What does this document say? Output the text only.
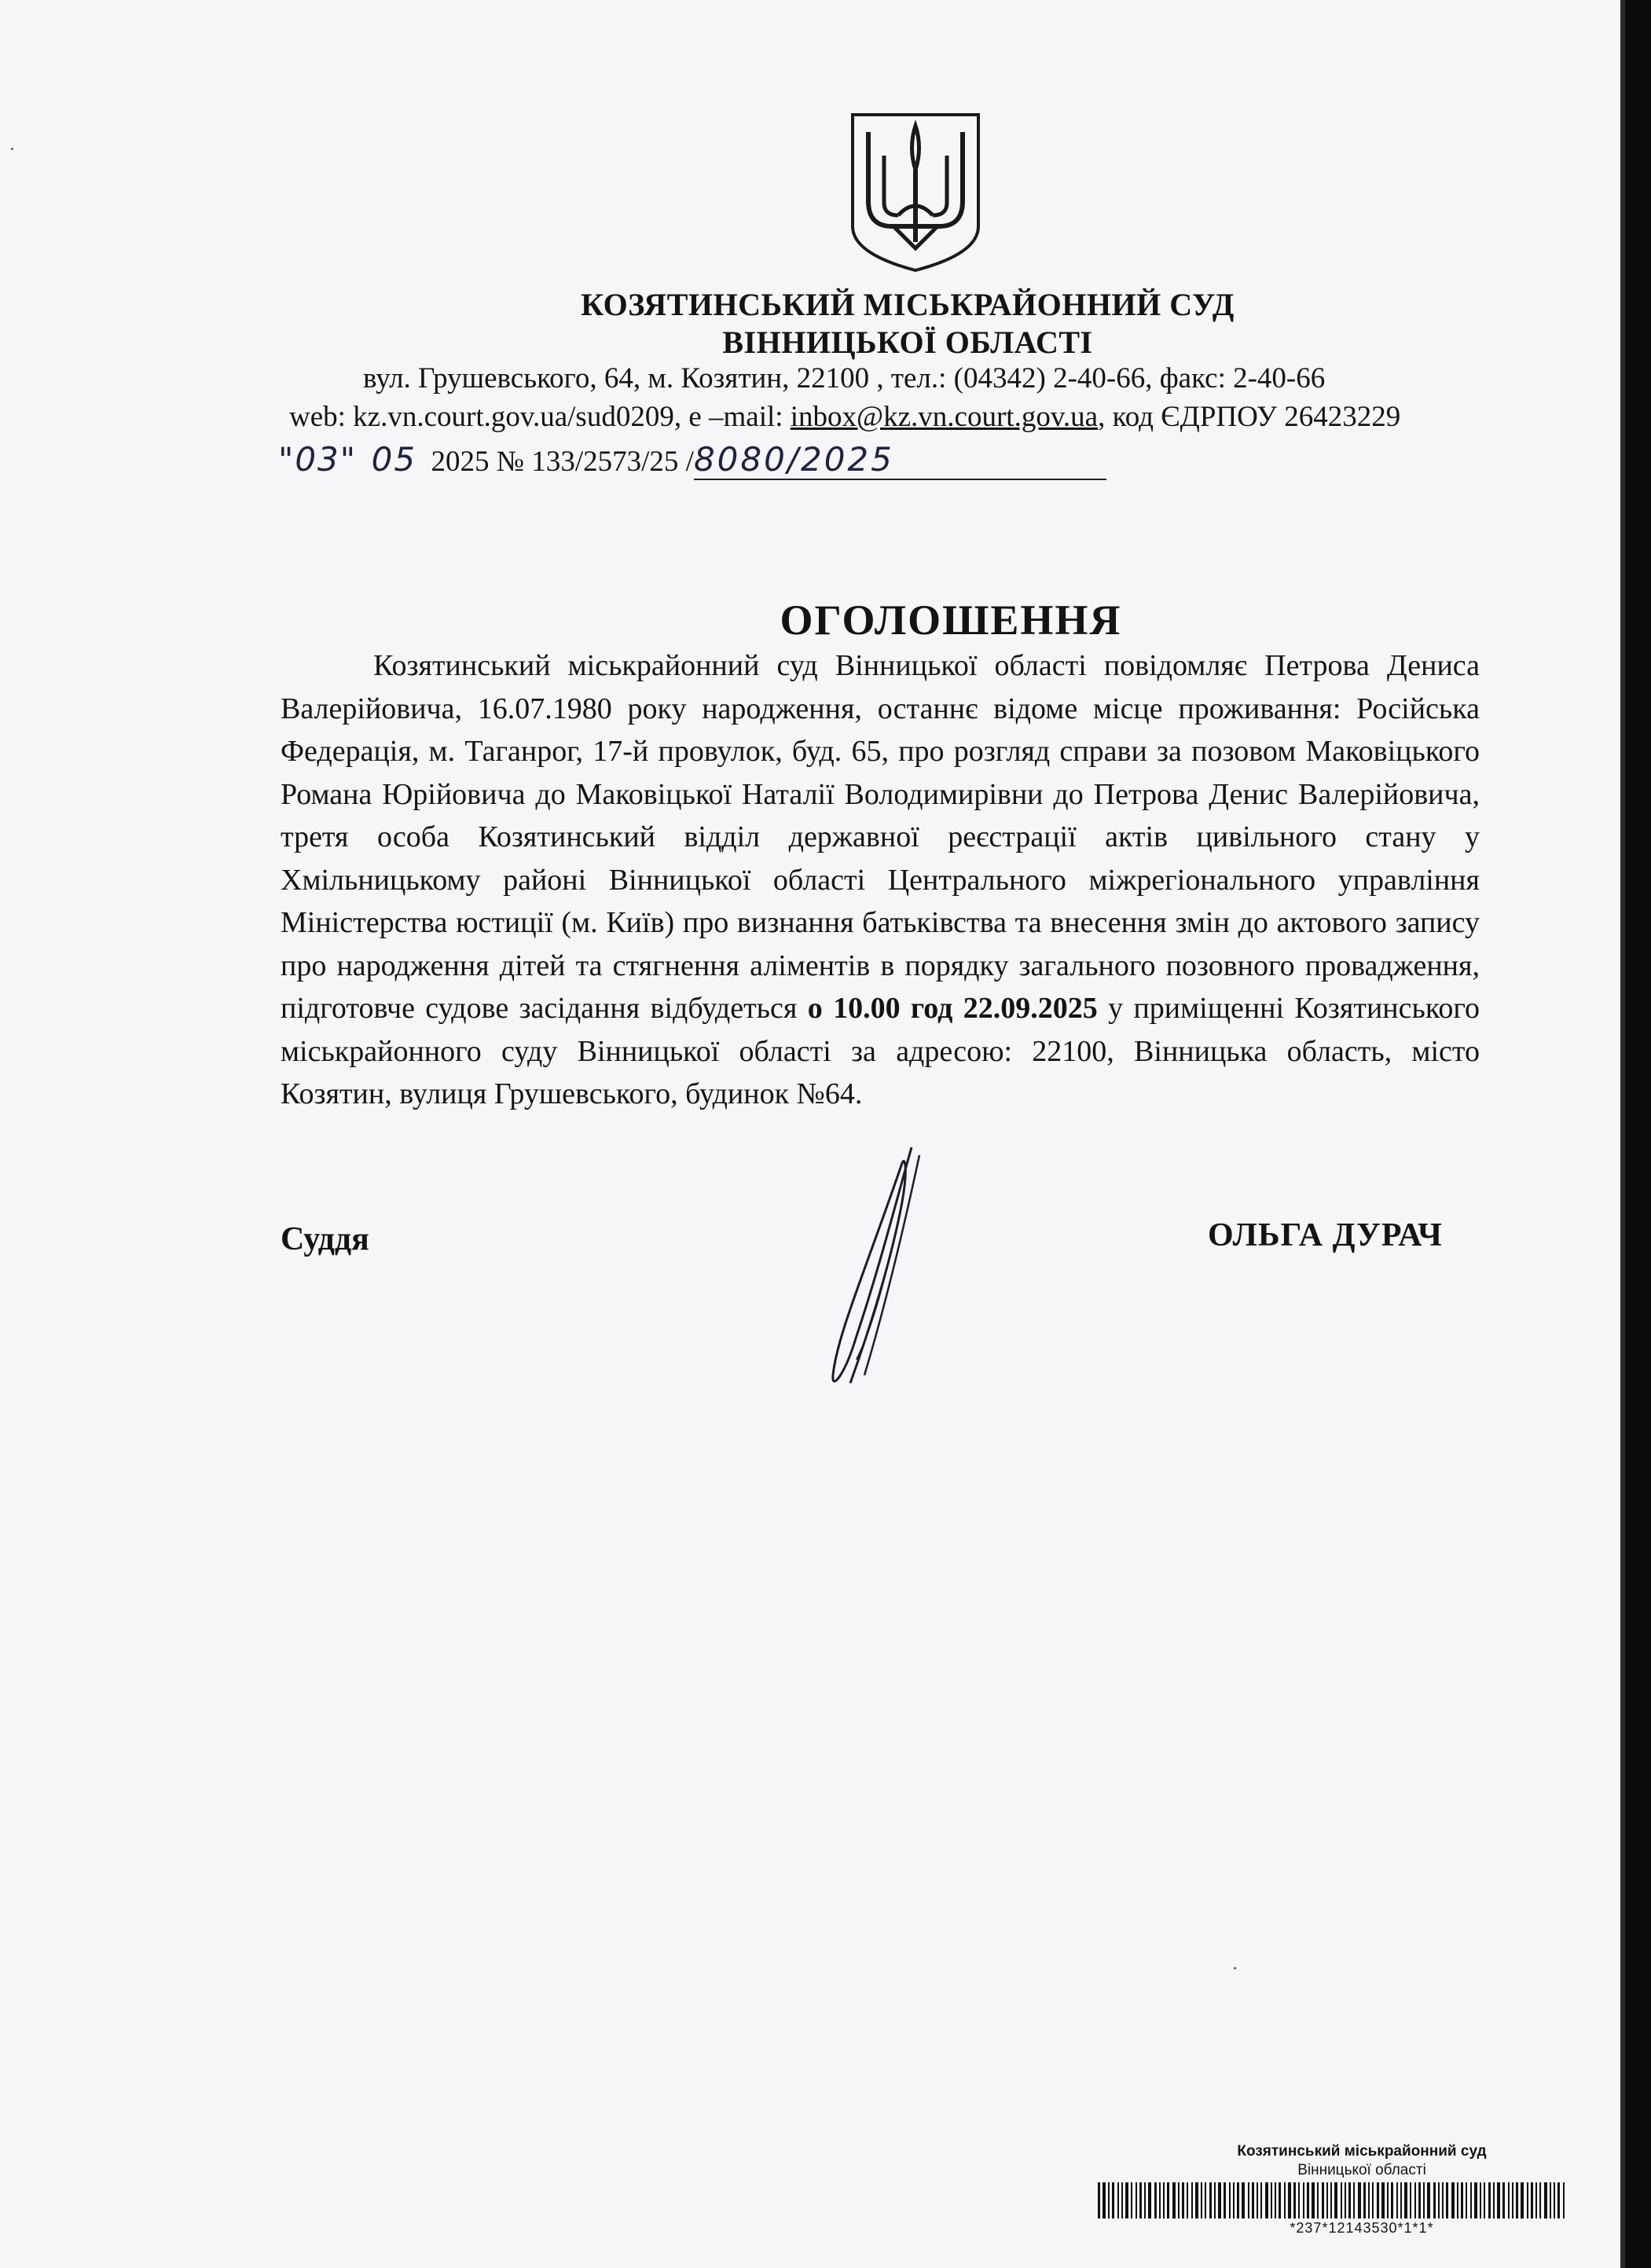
КОЗЯТИНСЬКИЙ МІСЬКРАЙОННИЙ СУД
ВІННИЦЬКОЇ ОБЛАСТІ
вул. Грушевського, 64, м. Козятин, 22100 , тел.: (04342) 2-40-66, факс: 2-40-66
web: kz.vn.court.gov.ua/sud0209, е –mail: inbox@kz.vn.court.gov.ua, код ЄДРПОУ 26423229
"03" 05 2025 № 133/2573/25 /8080/2025
ОГОЛОШЕННЯ
Козятинський міськрайонний суд Вінницької області повідомляє Петрова Дениса Валерійовича, 16.07.1980 року народження, останнє відоме місце проживання: Російська Федерація, м. Таганрог, 17-й провулок, буд. 65, про розгляд справи за позовом Маковіцького Романа Юрійовича до Маковіцької Наталії Володимирівни до Петрова Денис Валерійовича, третя особа Козятинський відділ державної реєстрації актів цивільного стану у Хмільницькому районі Вінницької області Центрального міжрегіонального управління Міністерства юстиції (м. Київ) про визнання батьківства та внесення змін до актового запису про народження дітей та стягнення аліментів в порядку загального позовного провадження, підготовче судове засідання відбудеться о 10.00 год 22.09.2025 у приміщенні Козятинського міськрайонного суду Вінницької області за адресою: 22100, Вінницька область, місто Козятин, вулиця Грушевського, будинок №64.
Суддя	ОЛЬГА ДУРАЧ
Козятинський міськрайонний суд
Вінницької області
*237*12143530*1*1*
